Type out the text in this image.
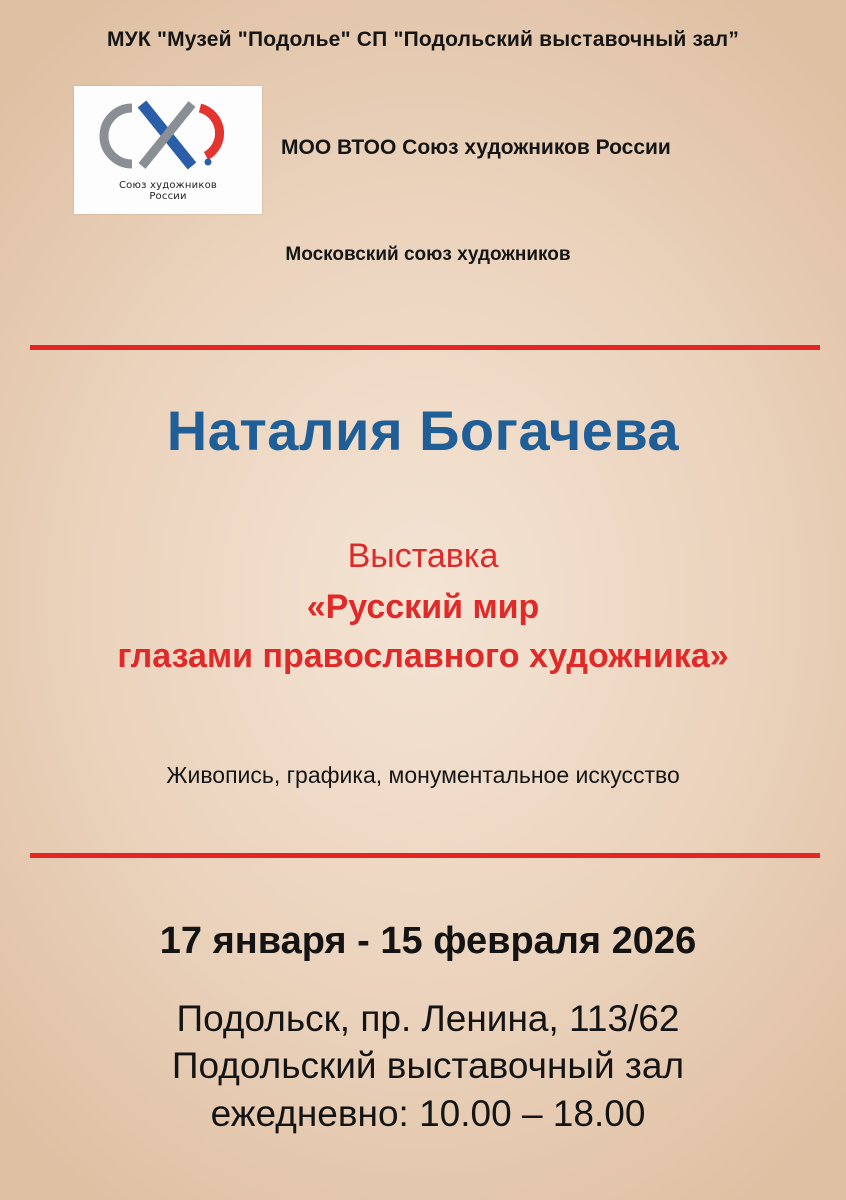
МУК "Музей "Подолье" СП "Подольский выставочный зал”
Союз художников
России
МОО ВТОО Союз художников России
Московский союз художников
Наталия Богачева
Выставка
«Русский мир
глазами православного художника»
Живопись, графика, монументальное искусство
17 января - 15 февраля 2026
Подольск, пр. Ленина, 113/62
Подольский выставочный зал
ежедневно: 10.00 – 18.00
